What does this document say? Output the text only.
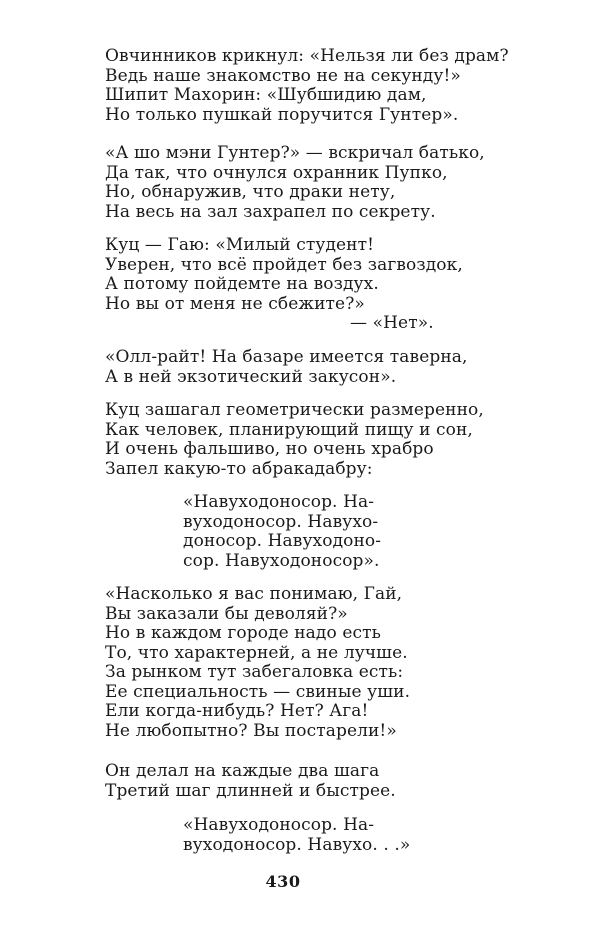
Овчинников крикнул: «Нельзя ли без драм?
Ведь наше знакомство не на секунду!»
Шипит Махорин: «Шубшидию дам,
Но только пушкай поручится Гунтер».
«А шо мэни Гунтер?» — вскричал батько,
Да так, что очнулся охранник Пупко,
Но, обнаружив, что драки нету,
На весь на зал захрапел по секрету.
Куц — Гаю: «Милый студент!
Уверен, что всё пройдет без загвоздок,
А потому пойдемте на воздух.
Но вы от меня не сбежите?»
— «Нет».
«Олл-райт! На базаре имеется таверна,
А в ней экзотический закусон».
Куц зашагал геометрически размеренно,
Как человек, планирующий пищу и сон,
И очень фальшиво, но очень храбро
Запел какую-то абракадабру:
«Навуходоносор. На-
вуходоносор. Навухо-
доносор. Навуходоно-
сор. Навуходоносор».
«Насколько я вас понимаю, Гай,
Вы заказали бы деволяй?»
Но в каждом городе надо есть
То, что характерней, а не лучше.
За рынком тут забегаловка есть:
Ее специальность — свиные уши.
Ели когда-нибудь? Нет? Ага!
Не любопытно? Вы постарели!»
Он делал на каждые два шага
Третий шаг длинней и быстрее.
«Навуходоносор. На-
вуходоносор. Навухо. . .»
430
